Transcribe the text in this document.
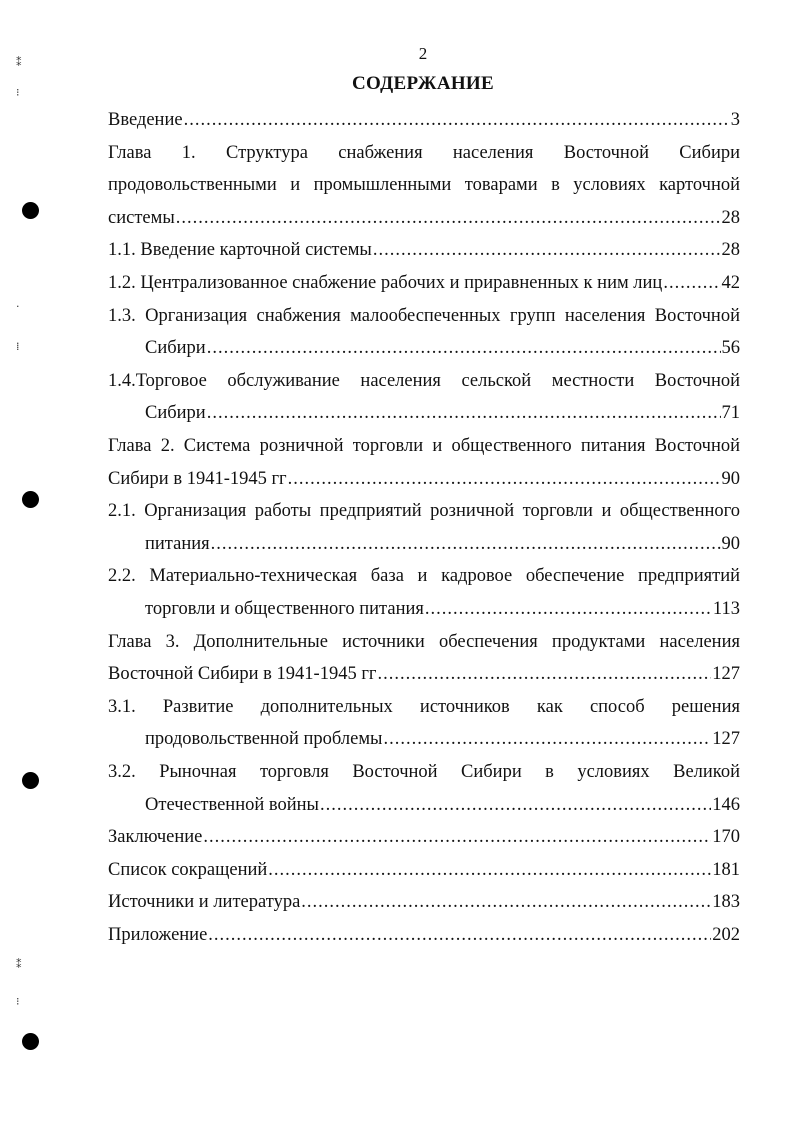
2
СОДЕРЖАНИЕ
⁑
⁝
·
⁞
⁑
⁝
Введение .....	3
Глава 1. Структура снабжения населения Восточной Сибири
продовольственными и промышленными товарами в условиях карточной
системы .....	28
1.1. Введение карточной системы .....	28
1.2. Централизованное снабжение рабочих и приравненных к ним лиц .....	42
1.3. Организация снабжения малообеспеченных групп населения Восточной
Сибири .....	56
1.4.Торговое обслуживание населения сельской местности Восточной
Сибири .....	71
Глава 2. Система розничной торговли и общественного питания Восточной
Сибири в 1941-1945 гг .....	90
2.1. Организация работы предприятий розничной торговли и общественного
питания .....	90
2.2. Материально-техническая база и кадровое обеспечение предприятий
торговли и общественного питания .....	113
Глава 3. Дополнительные источники обеспечения продуктами населения
Восточной Сибири в 1941-1945 гг .....	127
3.1. Развитие дополнительных источников как способ решения
продовольственной проблемы .....	127
3.2. Рыночная торговля Восточной Сибири в условиях Великой
Отечественной войны .....	146
Заключение .....	170
Список сокращений .....	181
Источники и литература .....	183
Приложение .....	202
